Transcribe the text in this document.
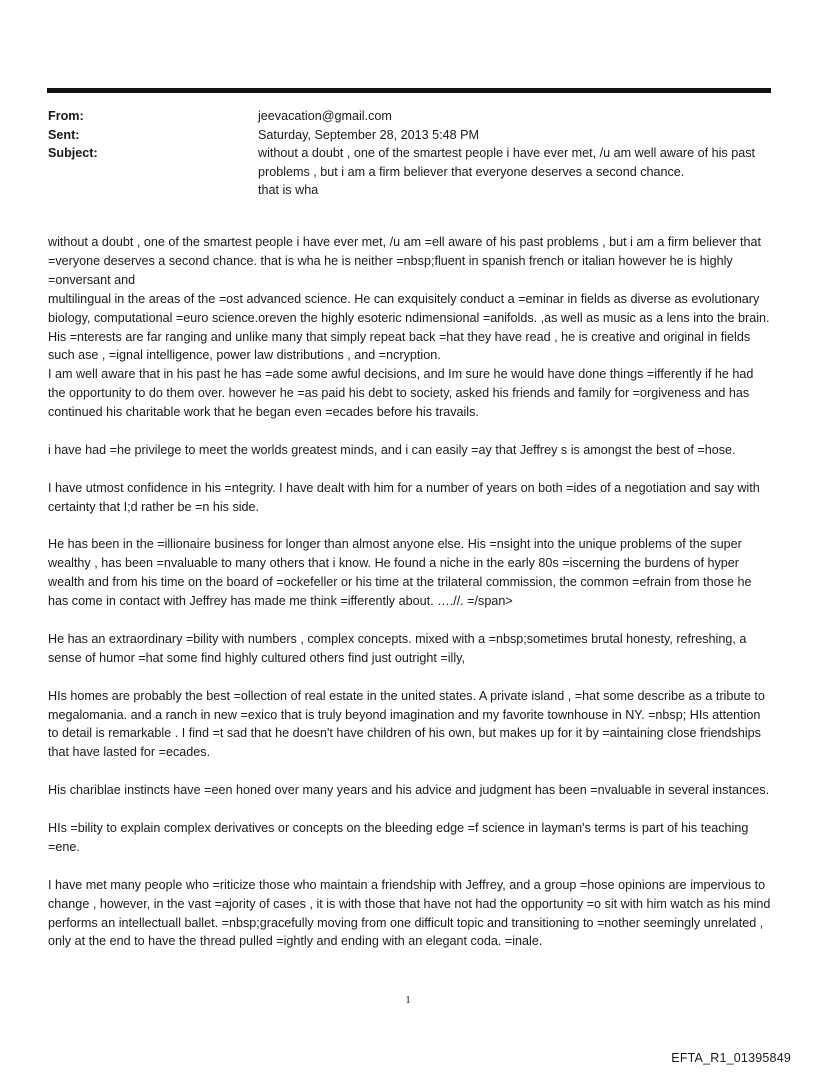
From:	jeevacation@gmail.com
Sent:	Saturday, September 28, 2013 5:48 PM
Subject:	without a doubt , one of the smartest people i have ever met, /u am well aware of his past problems , but i am a firm believer that everyone deserves a second chance.
that is wha

without a doubt , one of the smartest people i have ever met, /u am =ell aware of his past problems , but i am a firm believer that =veryone deserves a second chance. that is wha he is neither =nbsp;fluent in spanish french or italian however he is highly =onversant and
multilingual in the areas of the =ost advanced science. He can exquisitely conduct a =eminar in fields as diverse as evolutionary biology, computational =euro science.oreven the highly esoteric ndimensional =anifolds. ,as well as music as a lens into the brain. His =nterests are far ranging and unlike many that simply repeat back =hat they have read , he is creative and original in fields such ase , =ignal intelligence, power law distributions , and =ncryption.
I am well aware that in his past he has =ade some awful decisions, and Im sure he would have done things =ifferently if he had the opportunity to do them over. however he =as paid his debt to society, asked his friends and family for =orgiveness and has continued his charitable work that he began even =ecades before his travails.

i have had =he privilege to meet the worlds greatest minds, and i can easily =ay that Jeffrey s is amongst the best of =hose.

I have utmost confidence in his =ntegrity. I have dealt with him for a number of years on both =ides of a negotiation and say with certainty that I;d rather be =n his side.

He has been in the =illionaire business for longer than almost anyone else. His =nsight into the unique problems of the super wealthy , has been =nvaluable to many others that i know. He found a niche in the early 80s =iscerning the burdens of hyper wealth and from his time on the board of =ockefeller or his time at the trilateral commission, the common =efrain from those he has come in contact with Jeffrey has made me think =ifferently about. ….//. =/span>

He has an extraordinary =bility with numbers , complex concepts. mixed with a =nbsp;sometimes brutal honesty, refreshing, a sense of humor =hat some find highly cultured others find just outright =illy,

HIs homes are probably the best =ollection of real estate in the united states. A private island , =hat some describe as a tribute to megalomania. and a ranch in new =exico that is truly beyond imagination and my favorite townhouse in NY. =nbsp; HIs attention to detail is remarkable . I find =t sad that he doesn't have children of his own, but makes up for it by =aintaining close friendships that have lasted for =ecades.

His chariblae instincts have =een honed over many years and his advice and judgment has been =nvaluable in several instances.

HIs =bility to explain complex derivatives or concepts on the bleeding edge =f science in layman's terms is part of his teaching =ene.

I have met many people who =riticize those who maintain a friendship with Jeffrey, and a group =hose opinions are impervious to change , however, in the vast =ajority of cases , it is with those that have not had the opportunity =o sit with him watch as his mind performs an intellectuall ballet. =nbsp;gracefully moving from one difficult topic and transitioning to =nother seemingly unrelated , only at the end to have the thread pulled =ightly and ending with an elegant coda. =inale.

1
EFTA_R1_01395849
